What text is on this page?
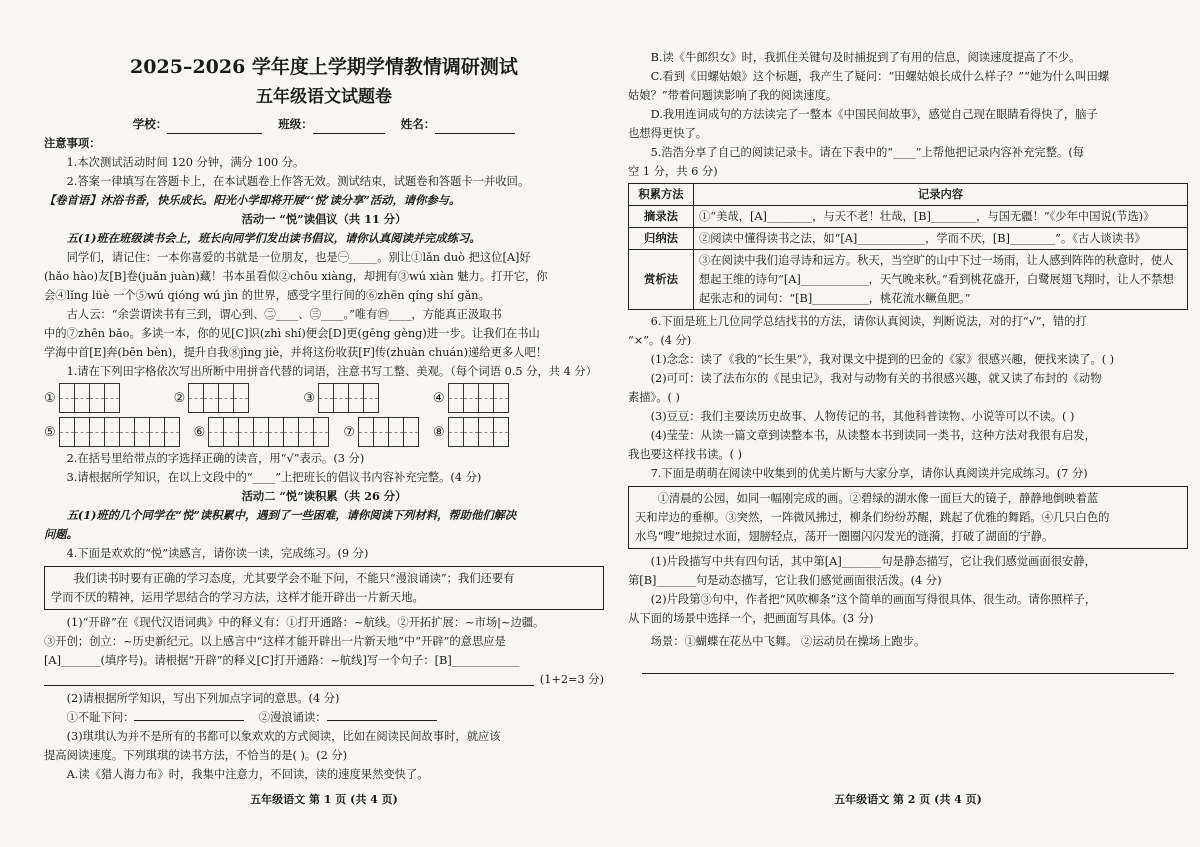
2025–2026 学年度上学期学情教情调研测试
五年级语文试题卷
学校：	班级：	姓名：

注意事项：

1.本次测试活动时间 120 分钟，满分 100 分。

2.答案一律填写在答题卡上，在本试题卷上作答无效。测试结束，试题卷和答题卡一并收回。

【卷首语】沐浴书香，快乐成长。阳光小学即将开展“‘悦’读分享”活动，请你参与。

活动一 “悦”读倡议（共 11 分）

五(1)班在班级读书会上，班长向同学们发出读书倡议，请你认真阅读并完成练习。

同学们，请记住：一本你喜爱的书就是一位朋友，也是㊀_____。别让①lǎn duò 把这位[A]好

(hǎo hào)友[B]卷(juǎn juàn)藏！书本虽看似②chōu xiàng，却拥有③wú xiàn 魅力。打开它，你

会④lǐng lüè 一个⑤wú qióng wú jìn 的世界，感受字里行间的⑥zhēn qíng shí gǎn。

古人云：“余尝谓读书有三到，谓心到、㊁____、㊂____。”唯有㊃____，方能真正汲取书

中的⑦zhēn bǎo。多读一本，你的见[C]识(zhì shí)便会[D]更(gēng gèng)进一步。让我们在书山

学海中首[E]奔(bēn bèn)，提升自我⑧jìng jiè，并将这份收获[F]传(zhuàn chuán)递给更多人吧！

1.请在下列田字格依次写出所断中用拼音代替的词语，注意书写工整、美观。（每个词语 0.5 分，共 4 分）

①	②	③	④
⑤	⑥	⑦	⑧

2.在括号里给带点的字选择正确的读音，用“√”表示。(3 分)

3.请根据所学知识，在以上文段中的“____”上把班长的倡议书内容补充完整。(4 分)

活动二 “悦”读积累（共 26 分）

五(1)班的几个同学在“悦”读积累中，遇到了一些困难，请你阅读下列材料，帮助他们解决

问题。

4.下面是欢欢的“悦”读感言，请你读一读，完成练习。(9 分)

我们读书时要有正确的学习态度，尤其要学会不耻下问，不能只“漫浪诵读”；我们还要有

学而不厌的精神，运用学思结合的学习方法，这样才能开辟出一片新天地。

(1)“开辟”在《现代汉语词典》中的释义有：①打开通路：~航线。②开拓扩展：~市场|~边疆。

③开创；创立：~历史新纪元。以上感言中“这样才能开辟出一片新天地”中“开辟”的意思应是

[A]_______(填序号)。请根据“开辟”的释义[C]打开通路：~航线]写一个句子：[B]____________

(1+2=3 分)

(2)请根据所学知识，写出下列加点字词的意思。(4 分)

①不耻下问：	②漫浪诵读：

(3)琪琪认为并不是所有的书都可以象欢欢的方式阅读，比如在阅读民间故事时，就应该

提高阅读速度。下列琪琪的读书方法，不恰当的是( )。(2 分)

A.读《猎人海力布》时，我集中注意力，不回读，读的速度果然变快了。

五年级语文 第 1 页 (共 4 页)

B.读《牛郎织女》时，我抓住关键句及时捕捉到了有用的信息，阅读速度提高了不少。

C.看到《田螺姑娘》这个标题，我产生了疑问：“田螺姑娘长成什么样子？”“她为什么叫田螺

姑娘？”带着问题读影响了我的阅读速度。

D.我用连词成句的方法读完了一整本《中国民间故事》，感觉自己现在眼睛看得快了，脑子

也想得更快了。

5.浩浩分享了自己的阅读记录卡。请在下表中的“____”上帮他把记录内容补充完整。(每

空 1 分，共 6 分)

积累方法	记录内容
摘录法	①“美哉，[A]________，与天不老！壮哉，[B]________，与国无疆！”《少年中国说(节选)》
归纳法	②阅读中懂得读书之法，如“[A]____________，学而不厌，[B]________”。《古人谈读书》
赏析法	③在阅读中我们追寻诗和远方。秋天，当空旷的山中下过一场雨，让人感到阵阵的秋意时，使人想起王维的诗句“[A]____________，天气晚来秋。”看到桃花盛开，白鹭展翅飞翔时，让人不禁想起张志和的词句：“[B]__________，桃花流水鳜鱼肥。”

6.下面是班上几位同学总结找书的方法，请你认真阅读，判断说法，对的打“√”，错的打

“×”。(4 分)

(1)念念：读了《我的“长生果”》，我对课文中提到的巴金的《家》很感兴趣，便找来读了。( )

(2)可可：读了法布尔的《昆虫记》，我对与动物有关的书很感兴趣，就又读了布封的《动物

素描》。( )

(3)豆豆：我们主要读历史故事、人物传记的书，其他科普读物、小说等可以不读。( )

(4)莹莹：从读一篇文章到读整本书，从读整本书到读同一类书，这种方法对我很有启发，

我也要这样找书读。( )

7.下面是萌萌在阅读中收集到的优美片断与大家分享，请你认真阅读并完成练习。(7 分)

①清晨的公园，如同一幅刚完成的画。②碧绿的湖水像一面巨大的镜子，静静地倒映着蓝

天和岸边的垂柳。③突然，一阵微风拂过，柳条们纷纷苏醒，跳起了优雅的舞蹈。④几只白色的

水鸟“嗖”地掠过水面，翅膀轻点，荡开一圈圈闪闪发光的涟漪，打破了湖面的宁静。

(1)片段描写中共有四句话，其中第[A]_______句是静态描写，它让我们感觉画面很安静，

第[B]_______句是动态描写，它让我们感觉画面很活泼。(4 分)

(2)片段第③句中，作者把“风吹柳条”这个简单的画面写得很具体、很生动。请你照样子，

从下面的场景中选择一个，把画面写具体。(3 分)

场景：①蝴蝶在花丛中飞舞。 ②运动员在操场上跑步。

五年级语文 第 2 页 (共 4 页)
